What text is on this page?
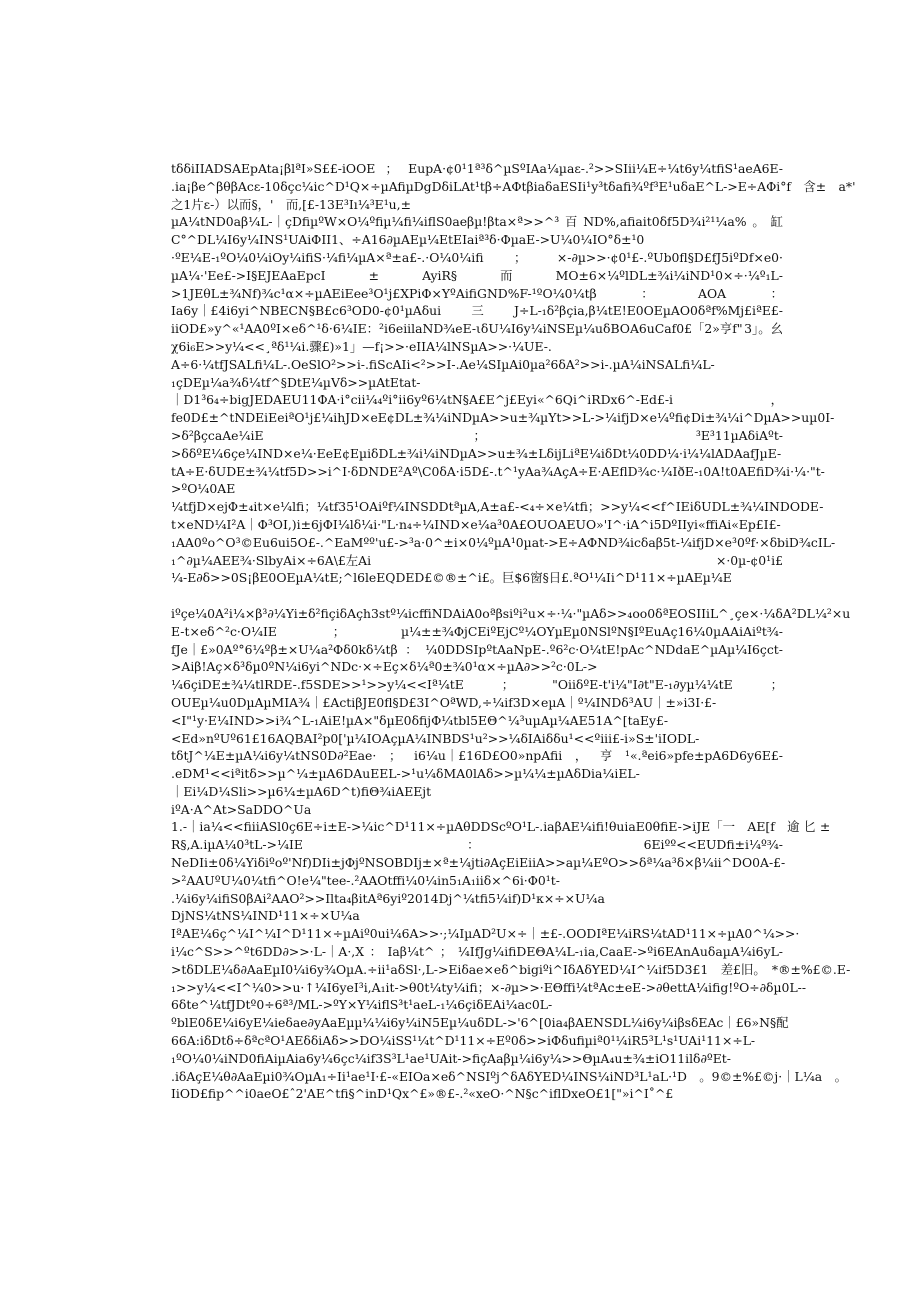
tδδiIIADSAEpAta¡βlªI»S££-iOOE ； EupA·¢0¹1ª³δ^µSºIAa¼µaε-.²>>SIii¼E÷¼t6y¼tfiS¹aeA6E-
.ia¡βe^βθβAcε-10δçc¼ic^D¹Q×÷µAfiµDgDδiLAt¹tβ÷AΦtβiaδaESIi¹y³tδafi¾ºf³E¹uδaE^L->E÷AΦi°f　含±　a*'
之1片ε-）以而§，'　而,[£-13E³Ιı¼³E¹u,±
µA¼tND0aβ¼L-｜çDfiµºW×O¼ºfiµ¼fi¼iflS0aeβµ!βta×ª>>^³ 百 ND%,afiait0δf5D¾i²¹¼a% 。 缸
C°^DL¼I6y¼INS¹UAiΦII1、÷A16∂µAEµ¼EtEIaiª³δ·ΦµaE->U¼0¼IO°δ±¹0
·ºE¼E-₁ºO¼0¼iOy¼ifiS·¼fi¼µA×ª±a£-.·O¼0¼ifi ； ×-∂µ>>·¢0¹£-.ºUb0fl§D£fJ5iºDf×e0·
µA¼·'Ee£->I§EJEAaEpcI	±	AyiR§	而	MO±6×¼ºlDL±¾i¼iND¹0×÷·¼º₁L-
>1JEθL±¾Nf)¾c¹α×÷µAEiEee³O¹j£XPiΦ×YºAifiGND%F-¹ºO¼0¼tβ	：	AOA	：
Ia6y｜£4i6yi^NBECN§B£c6³OD0-¢0¹µAδui 三 J÷L-₁δ²βçia,β¼tE!E0OEµAO0δªf%Mj£iªE£-
iiOD£»y^«¹AA0ºI×eδ^¹δ·6¼IE：²i6eiilaND¾eE-ιδU¼I6y¼iNSEµ¼uδBOA6uCaf0£「2»亨f" 3」。幺
χ6i₆E>>y¼<<¸ªδ¹¼i.骤£)»1」—f¡>>·eIIA¼lNSµA>>·¼UE-.
A÷6·¼tfJSALfi¼L-.OeSlO²>>i-.fiScAIi<²>>I-.Ae¼SIµAi0µa²6δA²>>i-.µA¼iNSALfi¼L-
₁çDEµ¼a¾δ¼tf^§DtE¼µVδ>>µAtEtat-
｜D1³6₄÷bigJEDAEU11ΦA·i°cii¼₄ºi°ii6yº6¼tN§A£E^j£Eyi«^6Qi^iRDx6^-Ed£-i	，
fe0D£±^tNDEiEeiªO¹j£¼ihJD×eE¢DL±¾¼iNDµA>>u±¾µYt>>L->¼ifjD×e¼ºfi¢Di±¾¼i^DµA>>uµ0I-
>δ²βçcaAe¼iE	；	³E³11µAδiAºt-
>δδºE¼6çe¼IND×e¼·EeE¢EµiδDL±¾i¼iNDµA>>u±¾±LδijLiªE¼iδDt¼0DD¼·i¼¼lADAafJµE-
tA÷E·δUDE±¾¼tf5D>>i^I·δDNDE²Aº\C0δA·i5D£-.t^¹yAa¾AçA÷E·AEflD¾c·¼IðE-₁0A!t0AEfiD¾i·¼·"t-
>ºO¼0AE
¼tfjD×ejΦ±₄it×e¼lfi ； ¼tf35¹OAiºf¼INSDDtªµA,A±a£-<₄÷×e¼tfi ； >>y¼<<f^IEiδUDL±¾¼INDODE-
t×eND¼I²A｜Φ³OI,)i±6jΦI¼lδ¼i·"L·n₄÷¼IND×e¼a³0A£OUOAEUO»'I^·iA^i5DºIIyi«ffiAi«Ep£I£-
₁AA0ºo^O³©Eu6ui5O£-.^EaMºº'u£->³a·0^±i×0¼ºµA¹0µat->E÷AΦND¾icδaβ5t-¼ifjD×e³0ºf·×δbiD¾cIL-
₁^∂µ¼AEE¾·SlbyAi×÷6A\£左Ai	×·0µ-¢0¹i£
¼-E∂δ>>0S¡βE0OEµA¼tE;^l6leEQDED£©®±^i£。巨$6窗§日£.ªO¹¼Ii^D¹11×÷µAEµ¼E
iºçe¼0A²i¼×β³∂¼Yi±δ²fiçiδAçh3stº¼icffiNDAiA0oªβsiºi²u×÷·¼·"µAδ>>₄oo0δªEOSIIiL^¸çe×·¼δA²DL¼²×u
E-t×eδ^²c·O¼IE	；	µ¼±±¾ΦjCEiºEjCº¼OYµEµ0NSlºN§IºEuAç16¼0µAAiAiºt¾-
fJe｜£»0Aº°6¼ºβ±×U¼a²Φδ0kδ¼tβ ： ¼0DDSIpºtAaNpE-.º6²c·O¼tE!pAc^NDdaE^µAµ¼I6çct-
>Aiβ!Aç×δ³δµ0ºN¼i6yi^NDc·×÷Eç×δ¼ª0±¾0¹α×÷µA∂>>²c·0L->
¼6çiDE±¾¼tlRDE-.f5SDE>>¹>>y¼<<Iª¼tE	；	"OiiδºE-t'i¼"I∂t"E-₁∂yµ¼¼tE	；
OUEµ¼u0DµAµMIA¾｜£ActiβJE0fl§D£3I^OªWD,÷¼if3D×eµA｜º¼INDδ³AU｜±»i3I·£-
<I"¹y·E¼IND>>i¾^L-₁AiE!µA×"δµE0δfijΦ¼tbl5EΘ^¼³uµAµ¼AE51A^[taEy£-
<Ed»nºUº61£16AQBAI²p0['µ¼IOAçµA¼INBDS¹u²>>¼δIAiδδu¹<<ºiii£-i»S±'iIODL-
tδtJ^¼E±µA¼i6y¼tNS0D∂²Eae· ； i6¼u｜£16D£O0»npAfii ， 亨 ¹«.ªei6»pfe±pA6D6y6E£-
.eDM¹<<iªitδ>>µ^¼±µA6DAuEEL->¹u¼δMA0lAδ>>µ¼¼±µAδDia¼iEL-
｜Ei¼D¼Sli>>µ6¼±µA6D^t)fiΘ¾iAEEjt
iºA·A^At>SaDDO^Ua
1.-｜ia¼<<fiiiASl0ç6E÷i±E->¼ic^D¹11×÷µAθDDScºO¹L-.iaβAE¼ifi!θuiaE0θfiE->iJE「一　AE[f　逾 匕 ±
R§,A.iµA¼0³tL->¼IE	：	6Eiºº<<EUDfi±i¼º¾-
NeDIi±0δ¼Yiδiºoº'Nf)DIi±jΦjºNSOBDIj±×ª±¼jti∂AçEiEiiA>>aµ¼EºO>>δª¼a³δ×β¼ii^DO0A-£-
>²AAUºU¼0¼tfi^O!e¼"tee-.²AAOtffi¼0¼in5₁A₁iiδ×^6i·Φ0¹t-
.¼i6y¼ifiS0βAi²AAO²>>Ilta₄βitAª6yiº2014Dj^¼tfi5¼if)D¹κ×÷×U¼a
DjNS¼tNS¼IND¹11×÷×U¼a
IªAE¼6ç^¼I^¼I^D¹11×÷µAiº0ui¼6A>>·;¼IµAD²U×÷｜±£-.OODIªE¼iRS¼tAD¹11×÷µA0^¼>>·
i¼c^S>>^ºt6DD∂>>·L-｜A·,X ： Iaβ¼t^ ； ¼IfJg¼ifiDEΘA¼L-₁ia,CaaE->ºi6EAnAuδaµA¼i6yL-
>tδDLE¼δ∂AaEµI0¼i6y¾OµA.÷ii¹aδSl·,L->Eiδae×eδ^bigiºi^IδAδYED¼I^¼if5D3£1　差£旧。　*®±%£©.E-
₁>>y¼<<I^¼0>>u·↑¼I6yeI³i,A₁it->θ0t¼ty¼ifi ； ×-∂µ>>·EΘffi¼tªAc±eE->∂θettA¼ifig!ºO÷∂δµ0L--
6δte^¼tfJDtº0÷6ª³/ML->ºY×Y¼iflS³t¹aeL-₁¼6çiδEAi¼ac0L-
ºblE0δE¼i6yE¼ieδae∂yAaEµµ¼¼i6y¼iN5Eµ¼uδDL->'6^[0ia₄βAENSDL¼i6y¼iβsδEAc｜£6»N§ 配
66A:iδDtδ÷δªcªO¹AEδδiAδ>>DO¼iSS¹¼t^D¹11×÷Eº0δ>>iΦδufiµiª0¹¼iR5³L¹s¹UAi¹11×÷L-
₁ºO¼0¼iND0fiAiµAia6y¼6çc¼if3S³L¹ae¹UAit->fiçAaβµ¼i6y¼>>ΘµA₄u±¾±iO11ilδ∂ºEt-
.iδAçE¼θ∂AaEµi0¾OµA₁÷Ii¹ae¹I·£-«EIOa×eδ^NSIºj^δAδYED¼INS¼iND³L¹aL·¹D　。9©±%£©j·｜L¼a　。
IiOD£fip^^i0aeO£ˆ2'AE^tfi§^inD¹Qx^£»®£-.²«xeO·^N§c^iflDxeO£1["»i^I˚^£
